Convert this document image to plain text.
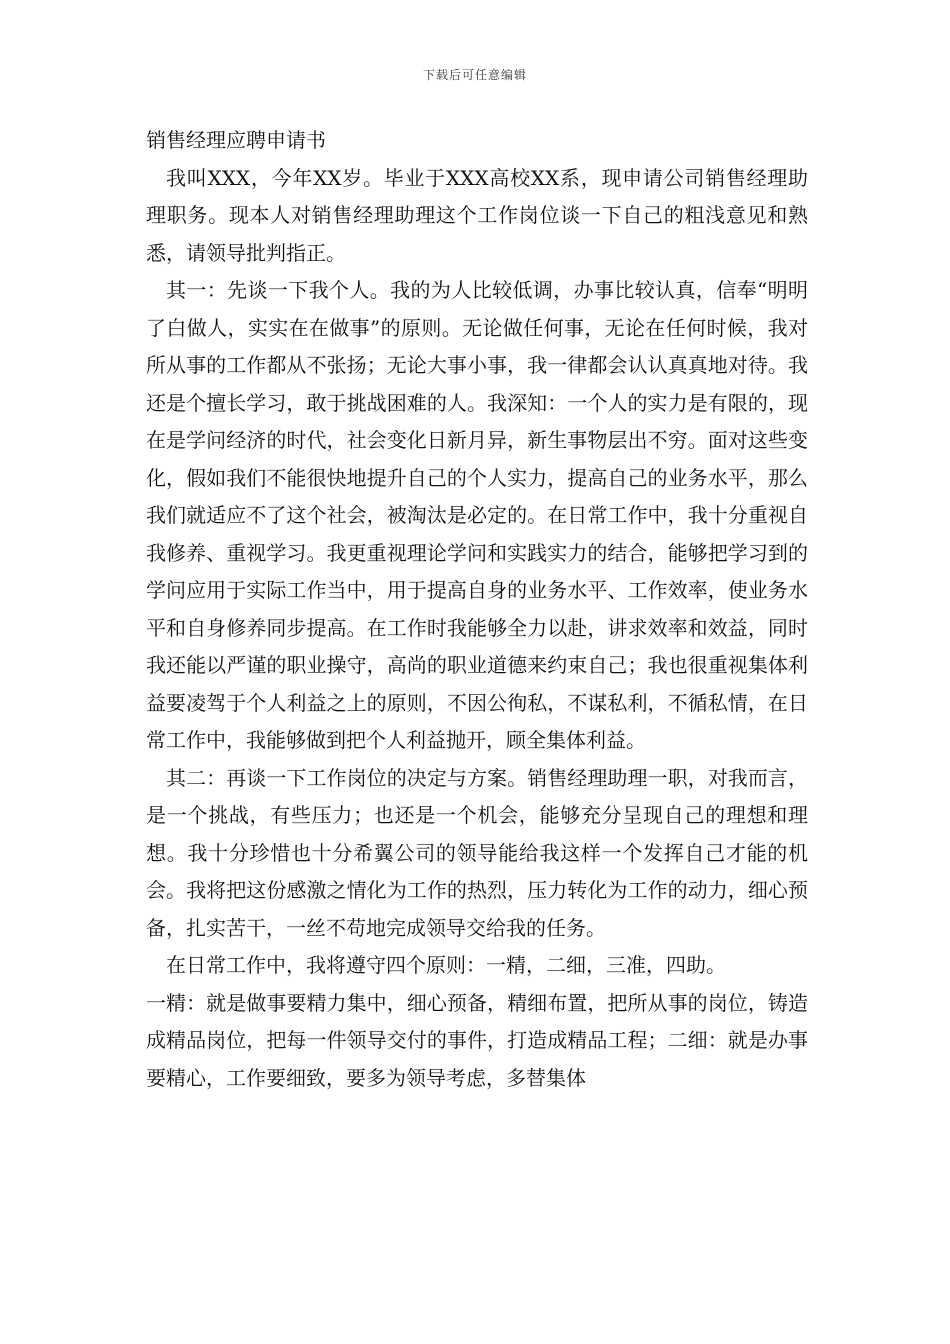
下载后可任意编辑
销售经理应聘申请书

我叫XXX，今年XX岁。毕业于XXX高校XX系，现申请公司销售经理助理职务。现本人对销售经理助理这个工作岗位谈一下自己的粗浅意见和熟悉，请领导批判指正。

其一：先谈一下我个人。我的为人比较低调，办事比较认真，信奉“明明了白做人，实实在在做事”的原则。无论做任何事，无论在任何时候，我对所从事的工作都从不张扬；无论大事小事，我一律都会认认真真地对待。我还是个擅长学习，敢于挑战困难的人。我深知：一个人的实力是有限的，现在是学问经济的时代，社会变化日新月异，新生事物层出不穷。面对这些变化，假如我们不能很快地提升自己的个人实力，提高自己的业务水平，那么我们就适应不了这个社会，被淘汰是必定的。在日常工作中，我十分重视自我修养、重视学习。我更重视理论学问和实践实力的结合，能够把学习到的学问应用于实际工作当中，用于提高自身的业务水平、工作效率，使业务水平和自身修养同步提高。在工作时我能够全力以赴，讲求效率和效益，同时我还能以严谨的职业操守，高尚的职业道德来约束自己；我也很重视集体利益要凌驾于个人利益之上的原则，不因公徇私，不谋私利，不循私情，在日常工作中，我能够做到把个人利益抛开，顾全集体利益。

其二：再谈一下工作岗位的决定与方案。销售经理助理一职，对我而言，是一个挑战，有些压力；也还是一个机会，能够充分呈现自己的理想和理想。我十分珍惜也十分希翼公司的领导能给我这样一个发挥自己才能的机会。我将把这份感激之情化为工作的热烈，压力转化为工作的动力，细心预备，扎实苦干，一丝不苟地完成领导交给我的任务。

在日常工作中，我将遵守四个原则：一精，二细，三准，四助。

一精：就是做事要精力集中，细心预备，精细布置，把所从事的岗位，铸造成精品岗位，把每一件领导交付的事件，打造成精品工程；二细：就是办事要精心，工作要细致，要多为领导考虑，多替集体
